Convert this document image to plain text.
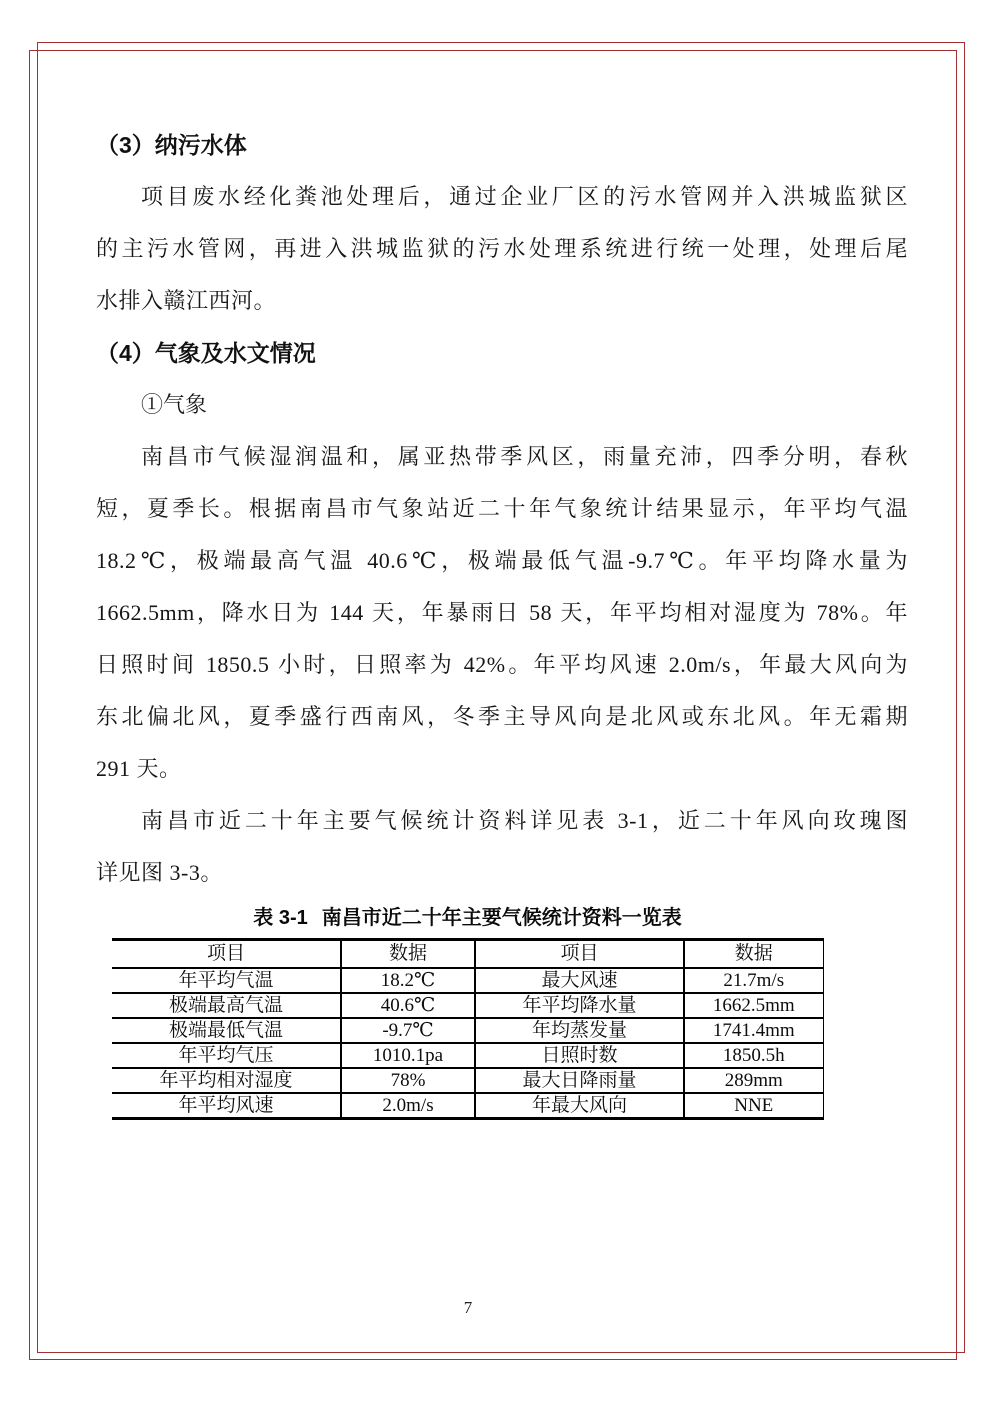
（3）纳污水体
项目废水经化粪池处理后，通过企业厂区的污水管网并入洪城监狱区
的主污水管网，再进入洪城监狱的污水处理系统进行统一处理，处理后尾
水排入赣江西河。
（4）气象及水文情况
①气象
南昌市气候湿润温和，属亚热带季风区，雨量充沛，四季分明，春秋
短，夏季长。根据南昌市气象站近二十年气象统计结果显示，年平均气温
18.2℃，极端最高气温 40.6℃，极端最低气温-9.7℃。年平均降水量为
1662.5mm，降水日为 144 天，年暴雨日 58 天，年平均相对湿度为 78%。年
日照时间 1850.5 小时，日照率为 42%。年平均风速 2.0m/s，年最大风向为
东北偏北风，夏季盛行西南风，冬季主导风向是北风或东北风。年无霜期
291 天。
南昌市近二十年主要气候统计资料详见表 3-1，近二十年风向玫瑰图
详见图 3-3。
表 3-1 南昌市近二十年主要气候统计资料一览表
项目	数据	项目	数据
年平均气温	18.2℃	最大风速	21.7m/s
极端最高气温	40.6℃	年平均降水量	1662.5mm
极端最低气温	-9.7℃	年均蒸发量	1741.4mm
年平均气压	1010.1pa	日照时数	1850.5h
年平均相对湿度	78%	最大日降雨量	289mm
年平均风速	2.0m/s	年最大风向	NNE
7
